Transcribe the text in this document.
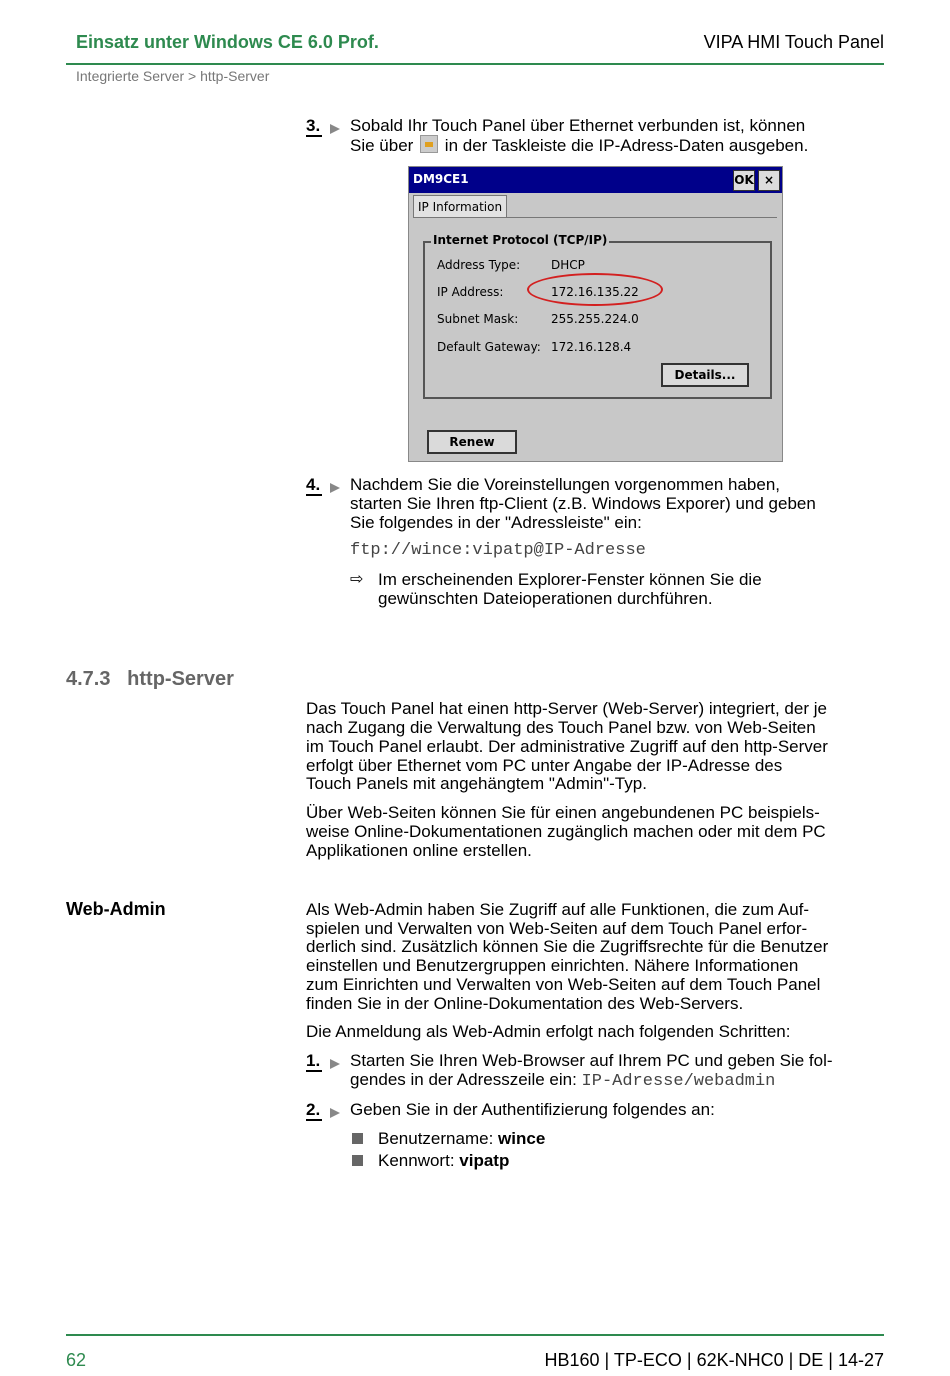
Einsatz unter Windows CE 6.0 Prof.	VIPA HMI Touch Panel
Integrierte Server > http-Server
3. Sobald Ihr Touch Panel über Ethernet verbunden ist, können
Sie über in der Taskleiste die IP-Adress-Daten ausgeben.
DM9CE1	OK ×
IP Information
Internet Protocol (TCP/IP)
Address Type:	DHCP
IP Address:	172.16.135.22
Subnet Mask:	255.255.224.0
Default Gateway: 172.16.128.4
Details...
Renew
4. Nachdem Sie die Voreinstellungen vorgenommen haben,
starten Sie Ihren ftp-Client (z.B. Windows Exporer) und geben
Sie folgendes in der "Adressleiste" ein:
ftp://wince:vipatp@IP-Adresse
⇨ Im erscheinenden Explorer-Fenster können Sie die
gewünschten Dateioperationen durchführen.
4.7.3 http-Server
Das Touch Panel hat einen http-Server (Web-Server) integriert, der je
nach Zugang die Verwaltung des Touch Panel bzw. von Web-Seiten
im Touch Panel erlaubt. Der administrative Zugriff auf den http-Server
erfolgt über Ethernet vom PC unter Angabe der IP-Adresse des
Touch Panels mit angehängtem "Admin"-Typ.
Über Web-Seiten können Sie für einen angebundenen PC beispiels-
weise Online-Dokumentationen zugänglich machen oder mit dem PC
Applikationen online erstellen.
Web-Admin	Als Web-Admin haben Sie Zugriff auf alle Funktionen, die zum Auf-
spielen und Verwalten von Web-Seiten auf dem Touch Panel erfor-
derlich sind. Zusätzlich können Sie die Zugriffsrechte für die Benutzer
einstellen und Benutzergruppen einrichten. Nähere Informationen
zum Einrichten und Verwalten von Web-Seiten auf dem Touch Panel
finden Sie in der Online-Dokumentation des Web-Servers.
Die Anmeldung als Web-Admin erfolgt nach folgenden Schritten:
1. Starten Sie Ihren Web-Browser auf Ihrem PC und geben Sie fol-
gendes in der Adresszeile ein: IP-Adresse/webadmin
2. Geben Sie in der Authentifizierung folgendes an:
Benutzername: wince
Kennwort: vipatp
62	HB160 | TP-ECO | 62K-NHC0 | DE | 14-27
